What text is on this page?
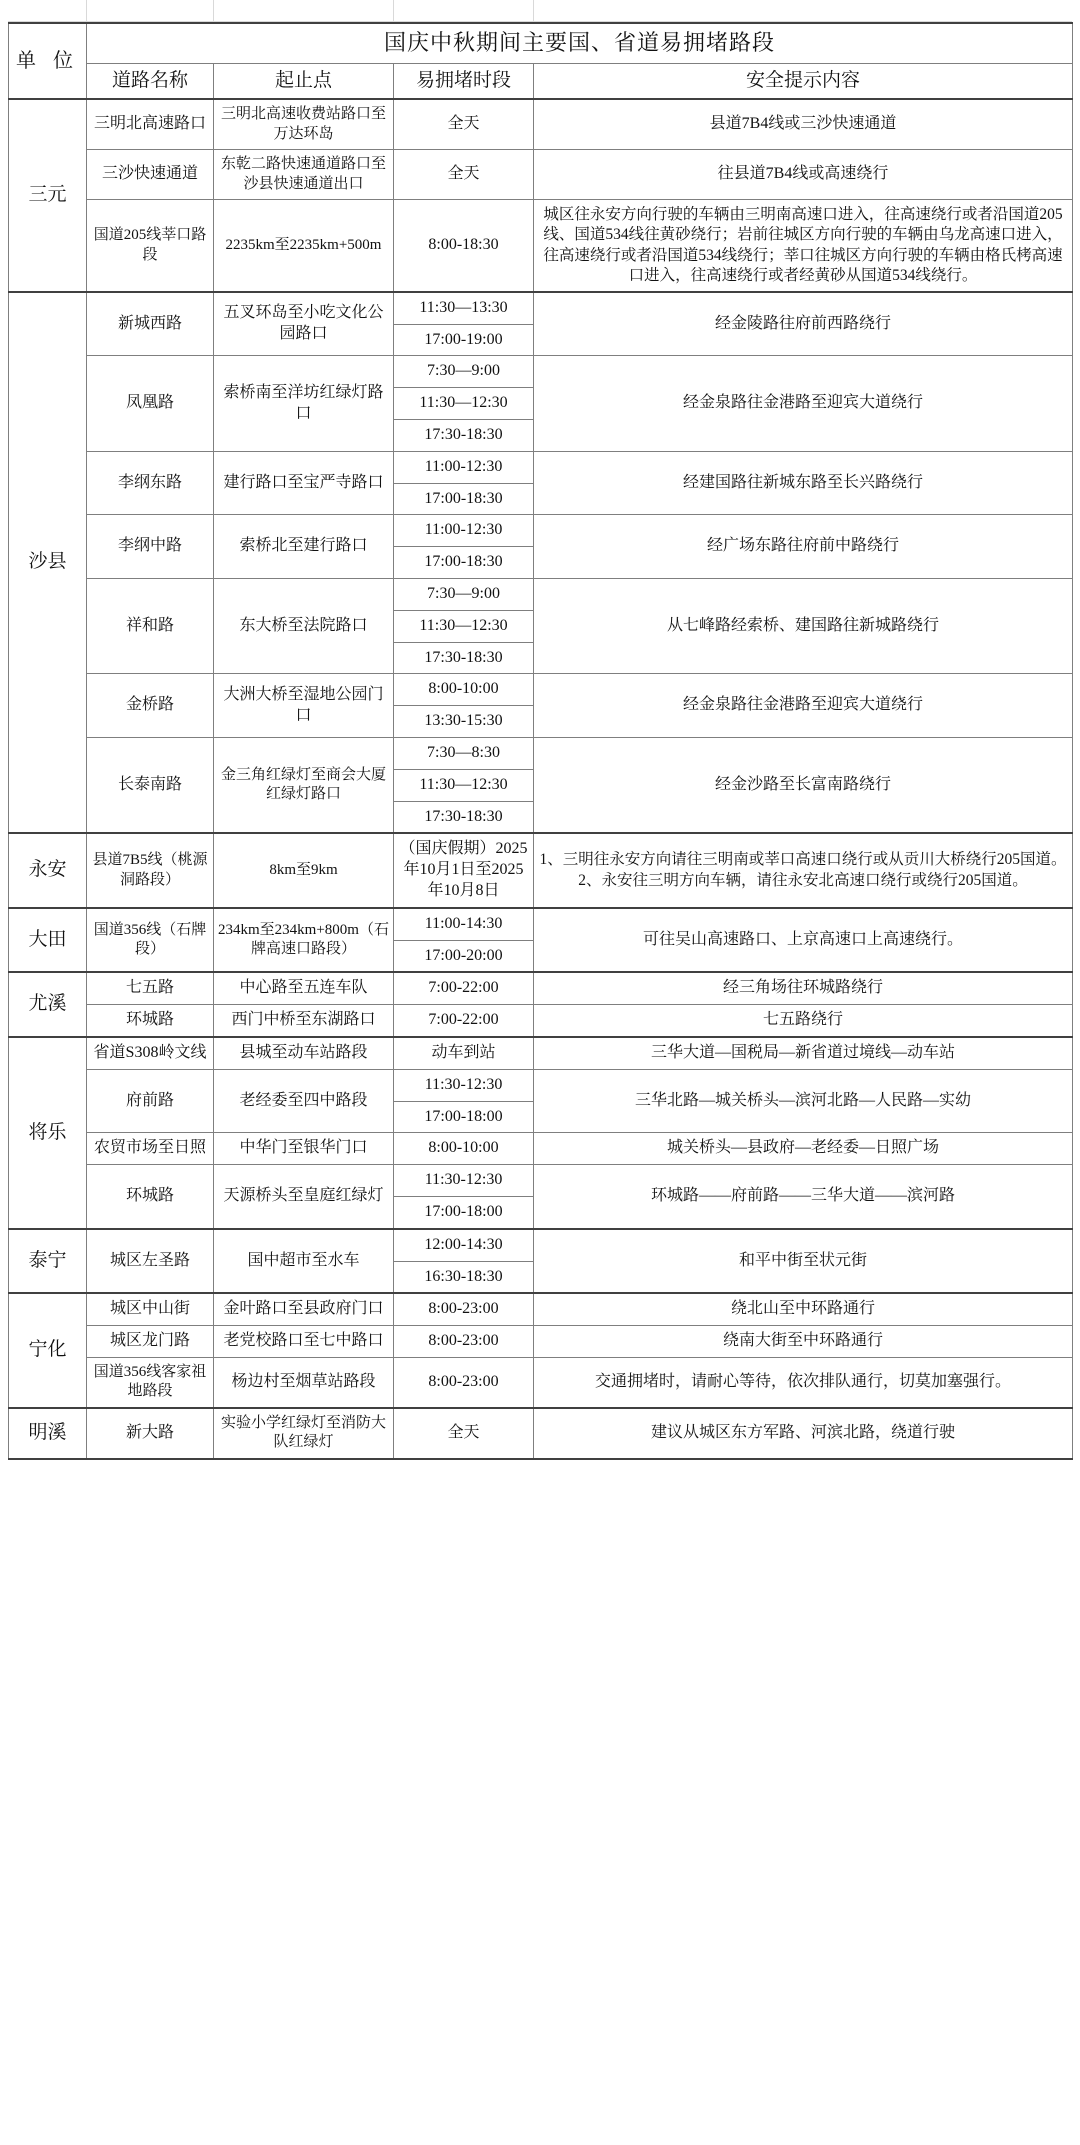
单 位	国庆中秋期间主要国、省道易拥堵路段			
	道路名称	起止点	易拥堵时段	安全提示内容
三元	三明北高速路口	三明北高速收费站路口至万达环岛	全天	县道7B4线或三沙快速通道
	三沙快速通道	东乾二路快速通道路口至沙县快速通道出口	全天	往县道7B4线或高速绕行
	国道205线莘口路段	2235km至2235km+500m	8:00-18:30	城区往永安方向行驶的车辆由三明南高速口进入，往高速绕行或者沿国道205线、国道534线往黄砂绕行；岩前往城区方向行驶的车辆由乌龙高速口进入，往高速绕行或者沿国道534线绕行；莘口往城区方向行驶的车辆由格氏栲高速口进入，往高速绕行或者经黄砂从国道534线绕行。
沙县	新城西路	五叉环岛至小吃文化公园路口	11:30—13:30	经金陵路往府前西路绕行
			17:00-19:00	
	凤凰路	索桥南至洋坊红绿灯路口	7:30—9:00	经金泉路往金港路至迎宾大道绕行
			11:30—12:30	
			17:30-18:30	
	李纲东路	建行路口至宝严寺路口	11:00-12:30	经建国路往新城东路至长兴路绕行
			17:00-18:30	
	李纲中路	索桥北至建行路口	11:00-12:30	经广场东路往府前中路绕行
			17:00-18:30	
	祥和路	东大桥至法院路口	7:30—9:00	从七峰路经索桥、建国路往新城路绕行
			11:30—12:30	
			17:30-18:30	
	金桥路	大洲大桥至湿地公园门口	8:00-10:00	经金泉路往金港路至迎宾大道绕行
			13:30-15:30	
	长泰南路	金三角红绿灯至商会大厦红绿灯路口	7:30—8:30	经金沙路至长富南路绕行
			11:30—12:30	
			17:30-18:30	
永安	县道7B5线（桃源洞路段）	8km至9km	（国庆假期）2025年10月1日至2025年10月8日	1、三明往永安方向请往三明南或莘口高速口绕行或从贡川大桥绕行205国道。2、永安往三明方向车辆，请往永安北高速口绕行或绕行205国道。
大田	国道356线（石牌段）	234km至234km+800m（石牌高速口路段）	11:00-14:30	可往吴山高速路口、上京高速口上高速绕行。
			17:00-20:00	
尤溪	七五路	中心路至五连车队	7:00-22:00	经三角场往环城路绕行
	环城路	西门中桥至东湖路口	7:00-22:00	七五路绕行
将乐	省道S308岭文线	县城至动车站路段	动车到站	三华大道—国税局—新省道过境线—动车站
	府前路	老经委至四中路段	11:30-12:30	三华北路—城关桥头—滨河北路—人民路—实幼
			17:00-18:00	
	农贸市场至日照	中华门至银华门口	8:00-10:00	城关桥头—县政府—老经委—日照广场
	环城路	天源桥头至皇庭红绿灯	11:30-12:30	环城路——府前路——三华大道——滨河路
			17:00-18:00	
泰宁	城区左圣路	国中超市至水车	12:00-14:30	和平中街至状元街
			16:30-18:30	
宁化	城区中山街	金叶路口至县政府门口	8:00-23:00	绕北山至中环路通行
	城区龙门路	老党校路口至七中路口	8:00-23:00	绕南大街至中环路通行
	国道356线客家祖地路段	杨边村至烟草站路段	8:00-23:00	交通拥堵时，请耐心等待，依次排队通行，切莫加塞强行。
明溪	新大路	实验小学红绿灯至消防大队红绿灯	全天	建议从城区东方军路、河滨北路，绕道行驶
